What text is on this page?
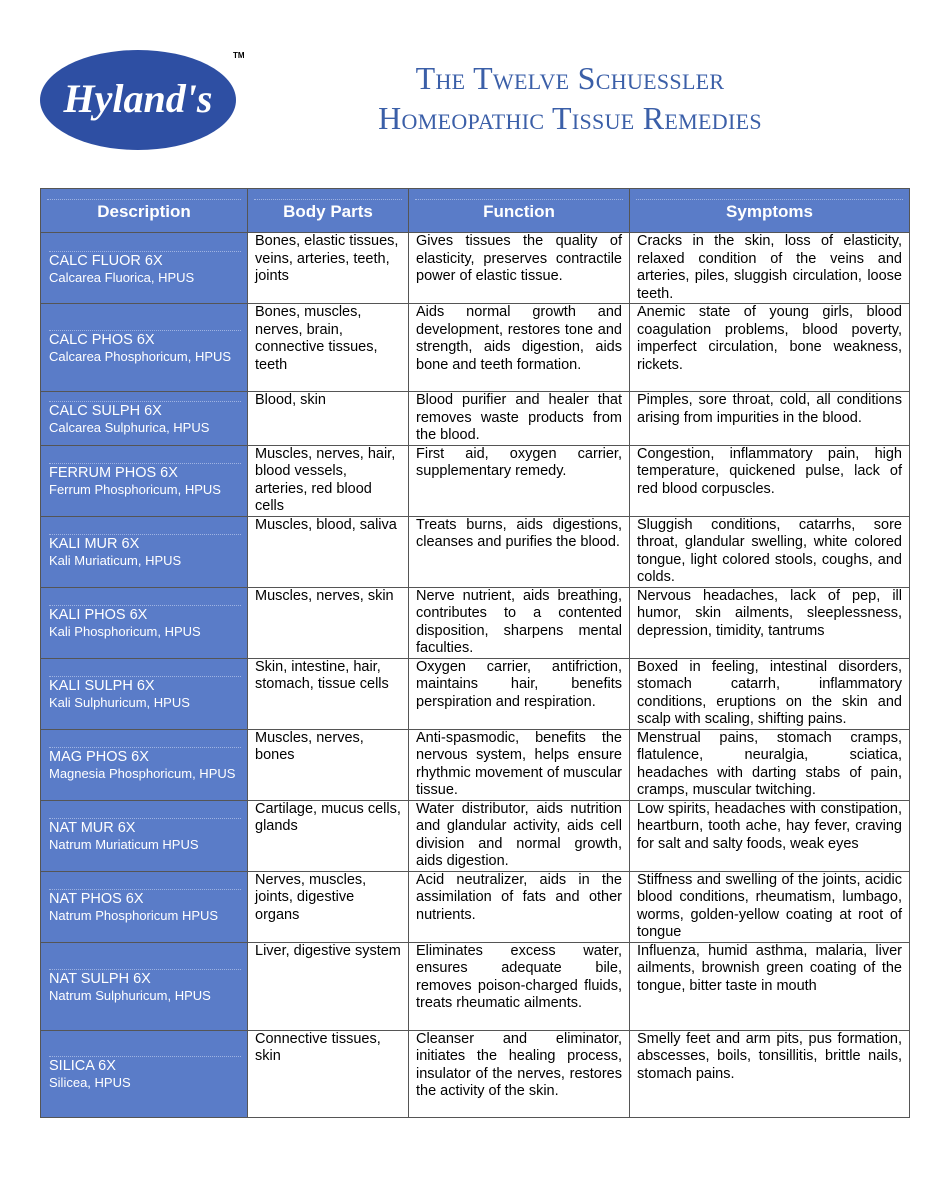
Hyland's
TM
The Twelve Schuessler
Homeopathic Tissue Remedies
Description	Body Parts	Function	Symptoms

CALC FLUOR 6X
Calcarea Fluorica, HPUS	Bones, elastic tissues, veins, arteries, teeth, joints	Gives tissues the quality of elasticity, preserves contractile power of elastic tissue.	Cracks in the skin, loss of elasticity, relaxed condition of the veins and arteries, piles, sluggish circulation, loose teeth.

CALC PHOS 6X
Calcarea Phosphoricum, HPUS	Bones, muscles, nerves, brain, connective tissues, teeth	Aids normal growth and development, restores tone and strength, aids digestion, aids bone and teeth formation.	Anemic state of young girls, blood coagulation problems, blood poverty, imperfect circulation, bone weakness, rickets.

CALC SULPH 6X
Calcarea Sulphurica, HPUS	Blood, skin	Blood purifier and healer that removes waste products from the blood.	Pimples, sore throat, cold, all conditions arising from impurities in the blood.

FERRUM PHOS 6X
Ferrum Phosphoricum, HPUS	Muscles, nerves, hair, blood vessels, arteries, red blood cells	First aid, oxygen carrier, supplementary remedy.	Congestion, inflammatory pain, high temperature, quickened pulse, lack of red blood corpuscles.

KALI MUR 6X
Kali Muriaticum, HPUS	Muscles, blood, saliva	Treats burns, aids digestions, cleanses and purifies the blood.	Sluggish conditions, catarrhs, sore throat, glandular swelling, white colored tongue, light colored stools, coughs, and colds.

KALI PHOS 6X
Kali Phosphoricum, HPUS	Muscles, nerves, skin	Nerve nutrient, aids breathing, contributes to a contented disposition, sharpens mental faculties.	Nervous headaches, lack of pep, ill humor, skin ailments, sleeplessness, depression, timidity, tantrums

KALI SULPH 6X
Kali Sulphuricum, HPUS	Skin, intestine, hair, stomach, tissue cells	Oxygen carrier, antifriction, maintains hair, benefits perspiration and respiration.	Boxed in feeling, intestinal disorders, stomach catarrh, inflammatory conditions, eruptions on the skin and scalp with scaling, shifting pains.

MAG PHOS 6X
Magnesia Phosphoricum, HPUS	Muscles, nerves, bones	Anti-spasmodic, benefits the nervous system, helps ensure rhythmic movement of muscular tissue.	Menstrual pains, stomach cramps, flatulence, neuralgia, sciatica, headaches with darting stabs of pain, cramps, muscular twitching.

NAT MUR 6X
Natrum Muriaticum HPUS	Cartilage, mucus cells, glands	Water distributor, aids nutrition and glandular activity, aids cell division and normal growth, aids digestion.	Low spirits, headaches with constipation, heartburn, tooth ache, hay fever, craving for salt and salty foods, weak eyes

NAT PHOS 6X
Natrum Phosphoricum HPUS	Nerves, muscles, joints, digestive organs	Acid neutralizer, aids in the assimilation of fats and other nutrients.	Stiffness and swelling of the joints, acidic blood conditions, rheumatism, lumbago, worms, golden-yellow coating at root of tongue

NAT SULPH 6X
Natrum Sulphuricum, HPUS	Liver, digestive system	Eliminates excess water, ensures adequate bile, removes poison-charged fluids, treats rheumatic ailments.	Influenza, humid asthma, malaria, liver ailments, brownish green coating of the tongue, bitter taste in mouth

SILICA 6X
Silicea, HPUS	Connective tissues, skin	Cleanser and eliminator, initiates the healing process, insulator of the nerves, restores the activity of the skin.	Smelly feet and arm pits, pus formation, abscesses, boils, tonsillitis, brittle nails, stomach pains.
